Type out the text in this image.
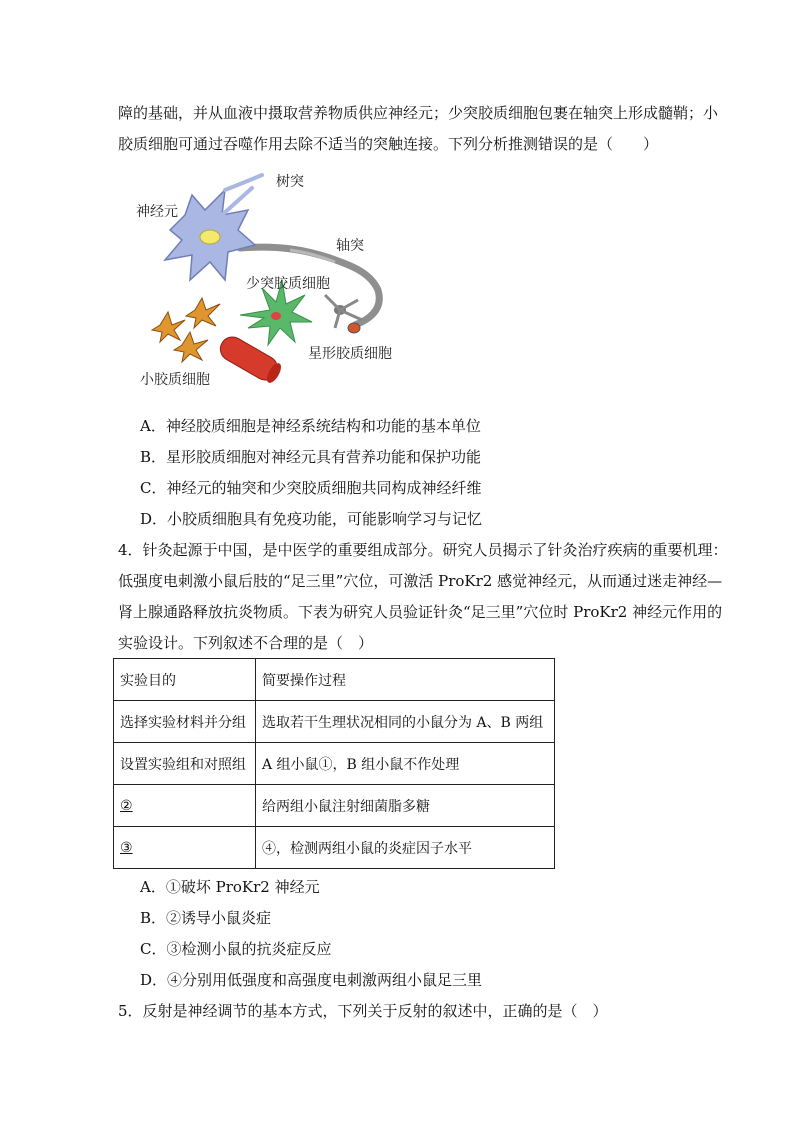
障的基础，并从血液中摄取营养物质供应神经元；少突胶质细胞包裹在轴突上形成髓鞘；小
胶质细胞可通过吞噬作用去除不适当的突触连接。下列分析推测错误的是（　　）
树突
神经元
轴突
少突胶质细胞
星形胶质细胞
小胶质细胞
A．神经胶质细胞是神经系统结构和功能的基本单位
B．星形胶质细胞对神经元具有营养功能和保护功能
C．神经元的轴突和少突胶质细胞共同构成神经纤维
D．小胶质细胞具有免疫功能，可能影响学习与记忆
4．针灸起源于中国，是中医学的重要组成部分。研究人员揭示了针灸治疗疾病的重要机理：
低强度电刺激小鼠后肢的“足三里”穴位，可激活 ProKr2 感觉神经元，从而通过迷走神经—
肾上腺通路释放抗炎物质。下表为研究人员验证针灸“足三里”穴位时 ProKr2 神经元作用的
实验设计。下列叙述不合理的是（　）
实验目的	简要操作过程
选择实验材料并分组	选取若干生理状况相同的小鼠分为 A、B 两组
设置实验组和对照组	A 组小鼠①，B 组小鼠不作处理
②	给两组小鼠注射细菌脂多糖
③	④，检测两组小鼠的炎症因子水平
A．①破坏 ProKr2 神经元
B．②诱导小鼠炎症
C．③检测小鼠的抗炎症反应
D．④分别用低强度和高强度电刺激两组小鼠足三里
5．反射是神经调节的基本方式，下列关于反射的叙述中，正确的是（　）
